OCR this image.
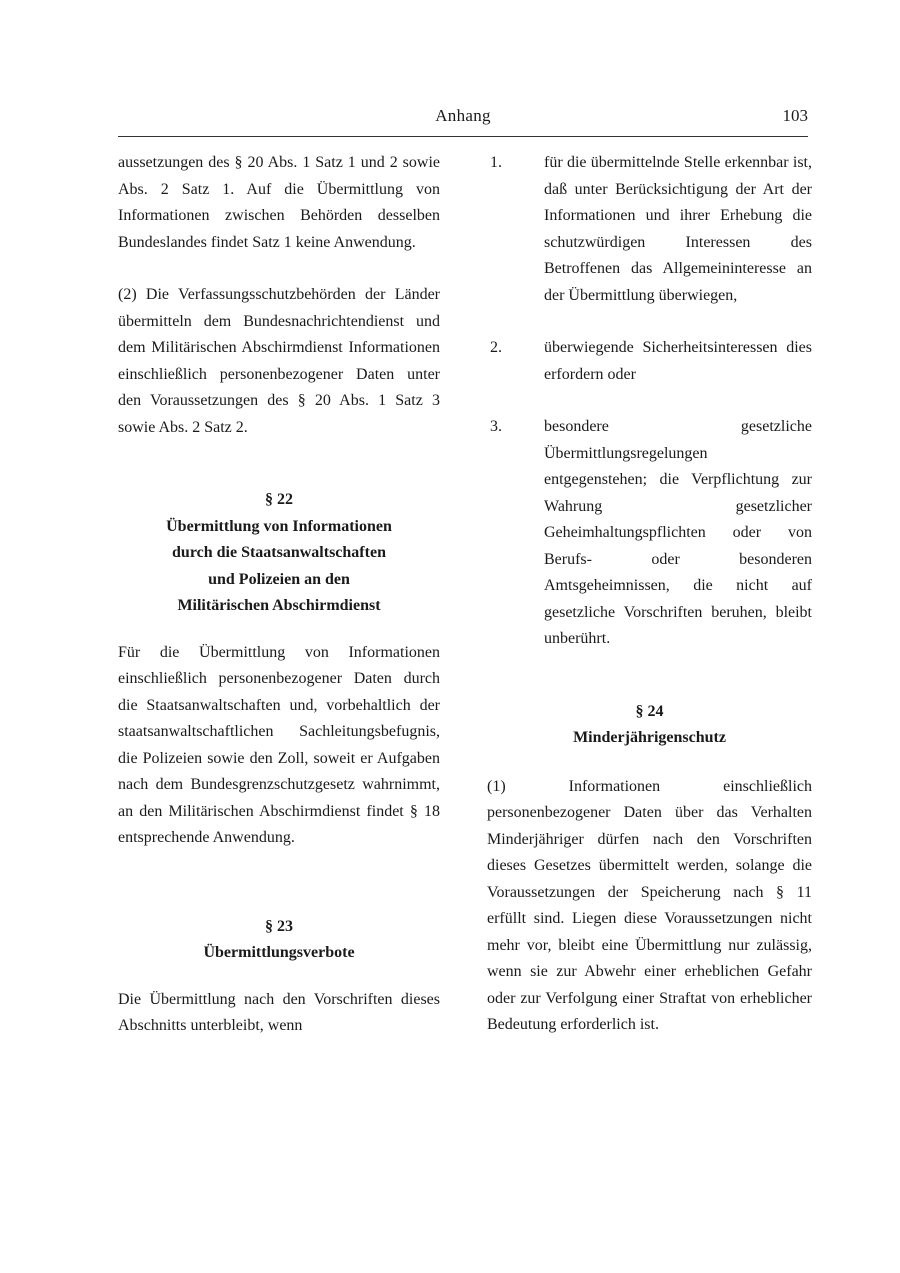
Anhang	103

aussetzungen des § 20 Abs. 1 Satz 1 und 2 sowie Abs. 2 Satz 1. Auf die Übermittlung von Informationen zwischen Behörden desselben Bundeslandes findet Satz 1 keine Anwendung.

(2) Die Verfassungsschutzbehörden der Länder übermitteln dem Bundesnachrichtendienst und dem Militärischen Abschirmdienst Informationen einschließlich personenbezogener Daten unter den Voraussetzungen des § 20 Abs. 1 Satz 3 sowie Abs. 2 Satz 2.

§ 22
Übermittlung von Informationen
durch die Staatsanwaltschaften
und Polizeien an den
Militärischen Abschirmdienst

Für die Übermittlung von Informationen einschließlich personenbezogener Daten durch die Staatsanwaltschaften und, vorbehaltlich der staatsanwaltschaftlichen Sachleitungsbefugnis, die Polizeien sowie den Zoll, soweit er Aufgaben nach dem Bundesgrenzschutzgesetz wahrnimmt, an den Militärischen Abschirmdienst findet § 18 entsprechende Anwendung.

§ 23
Übermittlungsverbote

Die Übermittlung nach den Vorschriften dieses Abschnitts unterbleibt, wenn

1.	für die übermittelnde Stelle erkennbar ist, daß unter Berücksichtigung der Art der Informationen und ihrer Erhebung die schutzwürdigen Interessen des Betroffenen das Allgemeininteresse an der Übermittlung überwiegen,
2.	überwiegende Sicherheitsinteressen dies erfordern oder
3.	besondere gesetzliche Übermittlungsregelungen entgegenstehen; die Verpflichtung zur Wahrung gesetzlicher Geheimhaltungspflichten oder von Berufs- oder besonderen Amtsgeheimnissen, die nicht auf gesetzliche Vorschriften beruhen, bleibt unberührt.
§ 24
Minderjährigenschutz

(1) Informationen einschließlich personenbezogener Daten über das Verhalten Minderjähriger dürfen nach den Vorschriften dieses Gesetzes übermittelt werden, solange die Voraussetzungen der Speicherung nach § 11 erfüllt sind. Liegen diese Voraussetzungen nicht mehr vor, bleibt eine Übermittlung nur zulässig, wenn sie zur Abwehr einer erheblichen Gefahr oder zur Verfolgung einer Straftat von erheblicher Bedeutung erforderlich ist.
